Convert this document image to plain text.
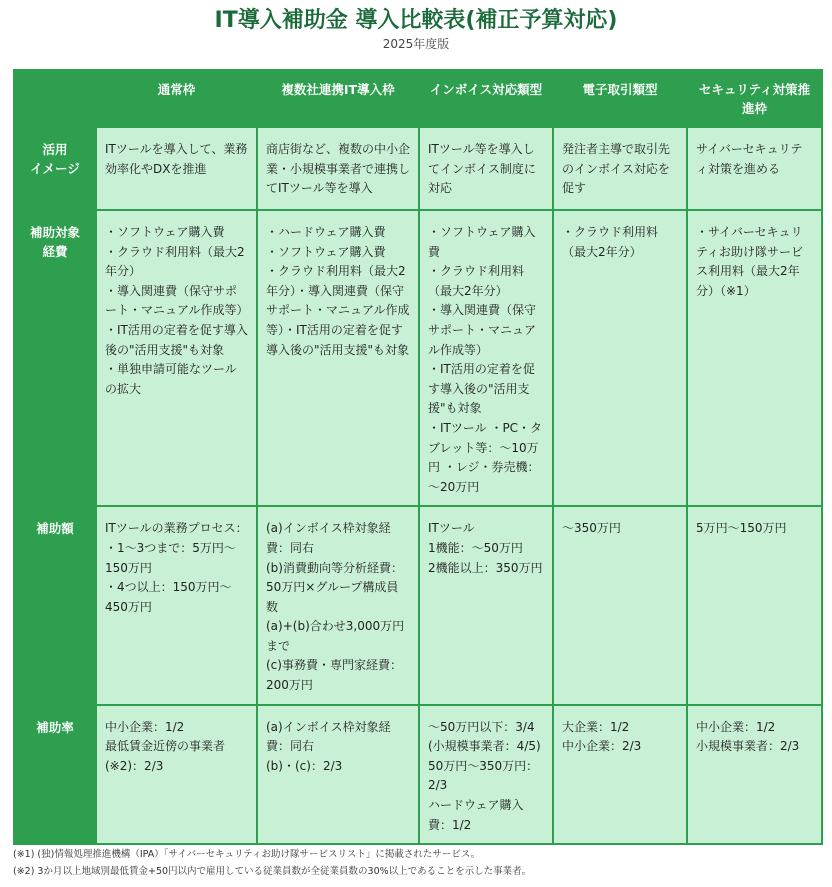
IT導入補助金 導入比較表(補正予算対応)
2025年度版
	通常枠	複数社連携IT導入枠	インボイス対応類型	電子取引類型	セキュリティ対策推進枠

活用
イメージ	ITツールを導入して、業務効率化やDXを推進	商店街など、複数の中小企業・小規模事業者で連携してITツール等を導入	ITツール等を導入してインボイス制度に対応	発注者主導で取引先のインボイス対応を促す	サイバーセキュリティ対策を進める

補助対象
経費	・ソフトウェア購入費
・クラウド利用料（最大2年分）
・導入関連費（保守サポート・マニュアル作成等）
・IT活用の定着を促す導入後の"活用支援"も対象
・単独申請可能なツールの拡大	・ハードウェア購入費
・ソフトウェア購入費
・クラウド利用料（最大2年分）・導入関連費（保守サポート・マニュアル作成等）・IT活用の定着を促す導入後の"活用支援"も対象	・ソフトウェア購入費
・クラウド利用料（最大2年分）
・導入関連費（保守サポート・マニュアル作成等）
・IT活用の定着を促す導入後の"活用支援"も対象
・ITツール ・PC・タブレット等：～10万円 ・レジ・券売機：～20万円	・クラウド利用料（最大2年分）	・サイバーセキュリティお助け隊サービス利用料（最大2年分）（※1）

補助額	ITツールの業務プロセス：
・1～3つまで：5万円～150万円
・4つ以上：150万円～450万円	(a)インボイス枠対象経費：同右
(b)消費動向等分析経費：50万円×グループ構成員数
(a)+(b)合わせ3,000万円まで
(c)事務費・専門家経費：200万円	ITツール
1機能：～50万円
2機能以上：350万円	～350万円	5万円～150万円

補助率	中小企業：1/2
最低賃金近傍の事業者(※2)：2/3	(a)インボイス枠対象経費：同右
(b)・(c)：2/3	～50万円以下：3/4
(小規模事業者：4/5)
50万円～350万円：2/3
ハードウェア購入費：1/2	大企業：1/2
中小企業：2/3	中小企業：1/2
小規模事業者：2/3
(※1) (独)情報処理推進機構（IPA）「サイバーセキュリティお助け隊サービスリスト」に掲載されたサービス。
(※2) 3か月以上地域別最低賃金+50円以内で雇用している従業員数が全従業員数の30%以上であることを示した事業者。
